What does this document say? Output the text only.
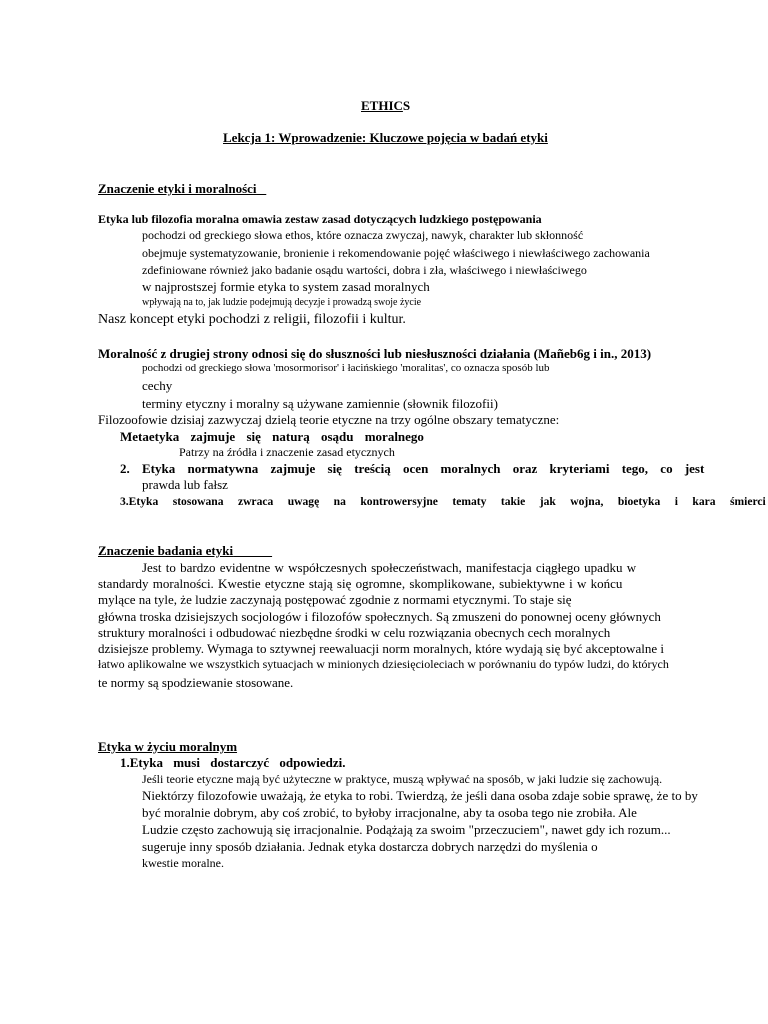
ETHICS
Lekcja 1: Wprowadzenie: Kluczowe pojęcia w badań etyki
Znaczenie etyki i moralności
Etyka lub filozofia moralna omawia zestaw zasad dotyczących ludzkiego postępowania
pochodzi od greckiego słowa ethos, które oznacza zwyczaj, nawyk, charakter lub skłonność
obejmuje systematyzowanie, bronienie i rekomendowanie pojęć właściwego i niewłaściwego zachowania
zdefiniowane również jako badanie osądu wartości, dobra i zła, właściwego i niewłaściwego
w najprostszej formie etyka to system zasad moralnych
wpływają na to, jak ludzie podejmują decyzje i prowadzą swoje życie
Nasz koncept etyki pochodzi z religii, filozofii i kultur.
Moralność z drugiej strony odnosi się do słuszności lub niesłuszności działania (Mañeb6g i in., 2013)
pochodzi od greckiego słowa 'mosormorisor' i łacińskiego 'moralitas', co oznacza sposób lub
cechy
terminy etyczny i moralny są używane zamiennie (słownik filozofii)
Filozoofowie dzisiaj zazwyczaj dzielą teorie etyczne na trzy ogólne obszary tematyczne:
Metaetyka zajmuje się naturą osądu moralnego
Patrzy na źródła i znaczenie zasad etycznych
2. Etyka normatywna zajmuje się treścią ocen moralnych oraz kryteriami tego, co jest
prawda lub fałsz
3.Etyka stosowana zwraca uwagę na kontrowersyjne tematy takie jak wojna, bioetyka i kara śmierci
Znaczenie badania etyki
Jest to bardzo evidentne w współczesnych społeczeństwach, manifestacja ciągłego upadku w
standardy moralności. Kwestie etyczne stają się ogromne, skomplikowane, subiektywne i w końcu
mylące na tyle, że ludzie zaczynają postępować zgodnie z normami etycznymi. To staje się
główna troska dzisiejszych socjologów i filozofów społecznych. Są zmuszeni do ponownej oceny głównych
struktury moralności i odbudować niezbędne środki w celu rozwiązania obecnych cech moralnych
dzisiejsze problemy. Wymaga to sztywnej reewaluacji norm moralnych, które wydają się być akceptowalne i
łatwo aplikowalne we wszystkich sytuacjach w minionych dziesięcioleciach w porównaniu do typów ludzi, do których
te normy są spodziewanie stosowane.
Etyka w życiu moralnym
1.Etyka musi dostarczyć odpowiedzi.
Jeśli teorie etyczne mają być użyteczne w praktyce, muszą wpływać na sposób, w jaki ludzie się zachowują.
Niektórzy filozofowie uważają, że etyka to robi. Twierdzą, że jeśli dana osoba zdaje sobie sprawę, że to by
być moralnie dobrym, aby coś zrobić, to byłoby irracjonalne, aby ta osoba tego nie zrobiła. Ale
Ludzie często zachowują się irracjonalnie. Podążają za swoim "przeczuciem", nawet gdy ich rozum...
sugeruje inny sposób działania. Jednak etyka dostarcza dobrych narzędzi do myślenia o
kwestie moralne.
